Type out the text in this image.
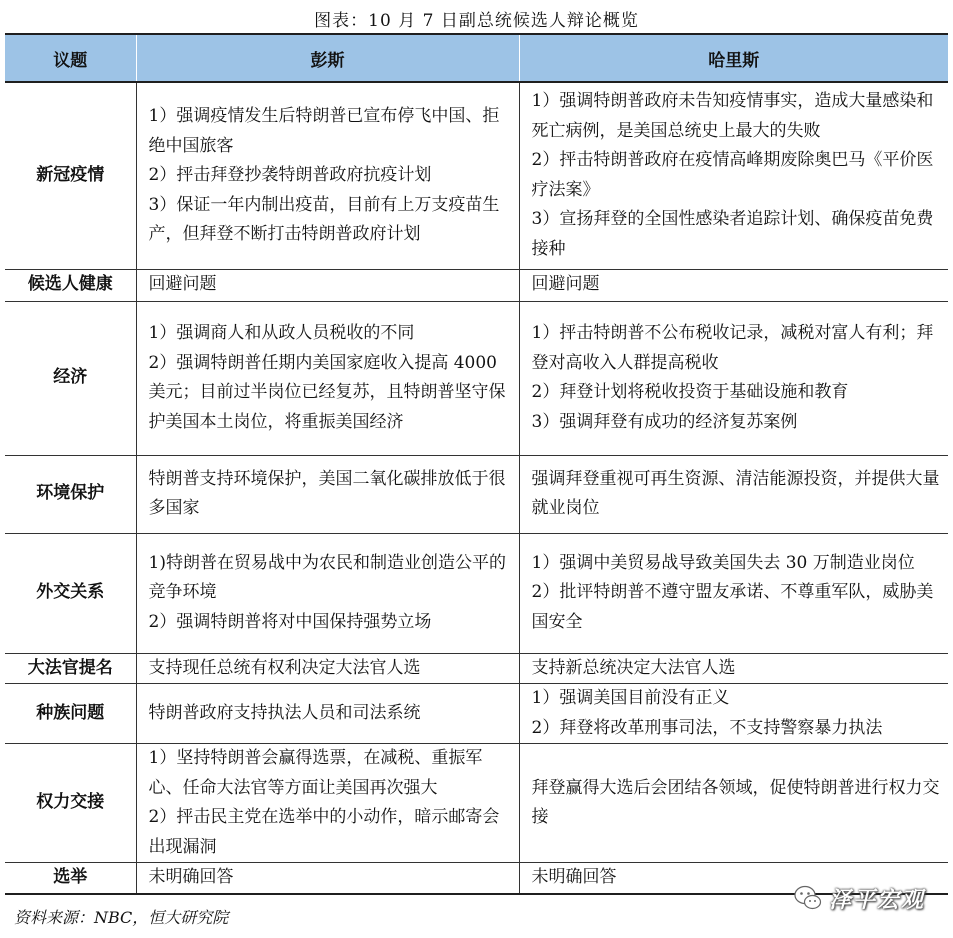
图表：10 月 7 日副总统候选人辩论概览
议题	彭斯	哈里斯
新冠疫情	1）强调疫情发生后特朗普已宣布停飞中国、拒绝中国旅客
2）抨击拜登抄袭特朗普政府抗疫计划
3）保证一年内制出疫苗，目前有上万支疫苗生产，但拜登不断打击特朗普政府计划	1）强调特朗普政府未告知疫情事实，造成大量感染和死亡病例，是美国总统史上最大的失败
2）抨击特朗普政府在疫情高峰期废除奥巴马《平价医疗法案》
3）宣扬拜登的全国性感染者追踪计划、确保疫苗免费接种

候选人健康	回避问题	回避问题

经济	1）强调商人和从政人员税收的不同
2）强调特朗普任期内美国家庭收入提高 4000 美元；目前过半岗位已经复苏，且特朗普坚守保护美国本土岗位，将重振美国经济	1）抨击特朗普不公布税收记录，减税对富人有利；拜登对高收入人群提高税收
2）拜登计划将税收投资于基础设施和教育
3）强调拜登有成功的经济复苏案例

环境保护	特朗普支持环境保护，美国二氧化碳排放低于很多国家	强调拜登重视可再生资源、清洁能源投资，并提供大量就业岗位

外交关系	1)特朗普在贸易战中为农民和制造业创造公平的竞争环境
2）强调特朗普将对中国保持强势立场	1）强调中美贸易战导致美国失去 30 万制造业岗位
2）批评特朗普不遵守盟友承诺、不尊重军队，威胁美国安全

大法官提名	支持现任总统有权利决定大法官人选	支持新总统决定大法官人选

种族问题	特朗普政府支持执法人员和司法系统	1）强调美国目前没有正义
2）拜登将改革刑事司法，不支持警察暴力执法

权力交接	1）坚持特朗普会赢得选票，在减税、重振军心、任命大法官等方面让美国再次强大
2）抨击民主党在选举中的小动作，暗示邮寄会出现漏洞	拜登赢得大选后会团结各领域，促使特朗普进行权力交接

选举	未明确回答	未明确回答
资料来源：NBC，恒大研究院
泽平宏观
